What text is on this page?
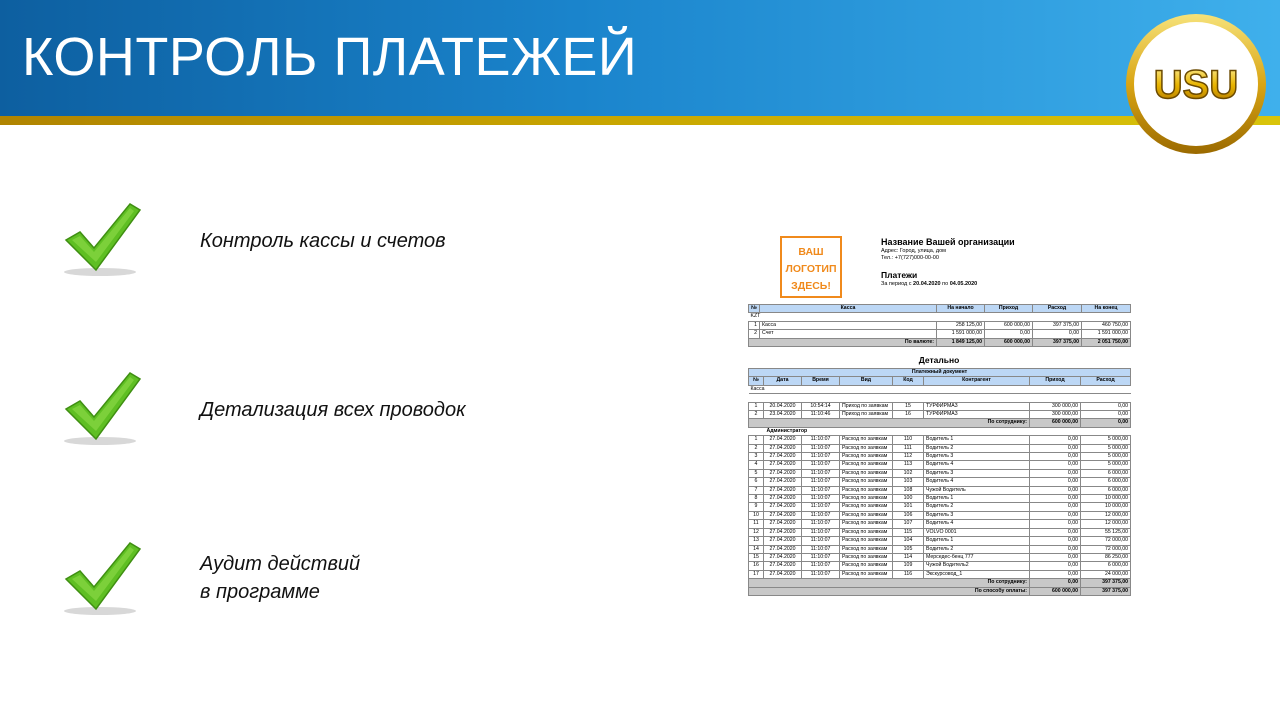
КОНТРОЛЬ ПЛАТЕЖЕЙ	USU
Контроль кассы и счетов
Детализация всех проводок
Аудит действий
в программе
ВАШ
ЛОГОТИП
ЗДЕСЬ!
Название Вашей организации
Адрес: Город, улица, дом
Тел.: +7(727)000-00-00
Платежи
За период с 20.04.2020 по 04.05.2020
№	Касса	На начало	Приход	Расход	На конец
KZT					
1	Касса	258 125,00	600 000,00	397 375,00	460 750,00
2	Счет	1 591 000,00	0,00	0,00	1 591 000,00
По валюте:		1 849 125,00	600 000,00	397 375,00	2 051 750,00
Детально
Платежный документ							
№	Дата	Время	Вид	Код	Контрагент	Приход	Расход
Касса							

1	20.04.2020	10:54:14	Приход по заявкам	15	ТУРФИРМА3	300 000,00	0,00
2	23.04.2020	11:10:46	Приход по заявкам	16	ТУРФИРМА3	300 000,00	0,00
По сотруднику:						600 000,00	0,00
Администратор							
1	27.04.2020	11:10:07	Расход по заявкам	110	Водитель 1	0,00	5 000,00
2	27.04.2020	11:10:07	Расход по заявкам	111	Водитель 2	0,00	5 000,00
3	27.04.2020	11:10:07	Расход по заявкам	112	Водитель 3	0,00	5 000,00
4	27.04.2020	11:10:07	Расход по заявкам	113	Водитель 4	0,00	5 000,00
5	27.04.2020	11:10:07	Расход по заявкам	102	Водитель 3	0,00	6 000,00
6	27.04.2020	11:10:07	Расход по заявкам	103	Водитель 4	0,00	6 000,00
7	27.04.2020	11:10:07	Расход по заявкам	108	Чужой Водитель	0,00	6 000,00
8	27.04.2020	11:10:07	Расход по заявкам	100	Водитель 1	0,00	10 000,00
9	27.04.2020	11:10:07	Расход по заявкам	101	Водитель 2	0,00	10 000,00
10	27.04.2020	11:10:07	Расход по заявкам	106	Водитель 3	0,00	12 000,00
11	27.04.2020	11:10:07	Расход по заявкам	107	Водитель 4	0,00	12 000,00
12	27.04.2020	11:10:07	Расход по заявкам	115	VOLVO 0001	0,00	55 125,00
13	27.04.2020	11:10:07	Расход по заявкам	104	Водитель 1	0,00	72 000,00
14	27.04.2020	11:10:07	Расход по заявкам	105	Водитель 2	0,00	72 000,00
15	27.04.2020	11:10:07	Расход по заявкам	114	Мерседес-бенц 777	0,00	86 250,00
16	27.04.2020	11:10:07	Расход по заявкам	109	Чужой Водитель2	0,00	6 000,00
17	27.04.2020	11:10:07	Расход по заявкам	116	Экскурсовод_1	0,00	24 000,00
По сотруднику:						0,00	397 375,00
По способу оплаты:						600 000,00	397 375,00
